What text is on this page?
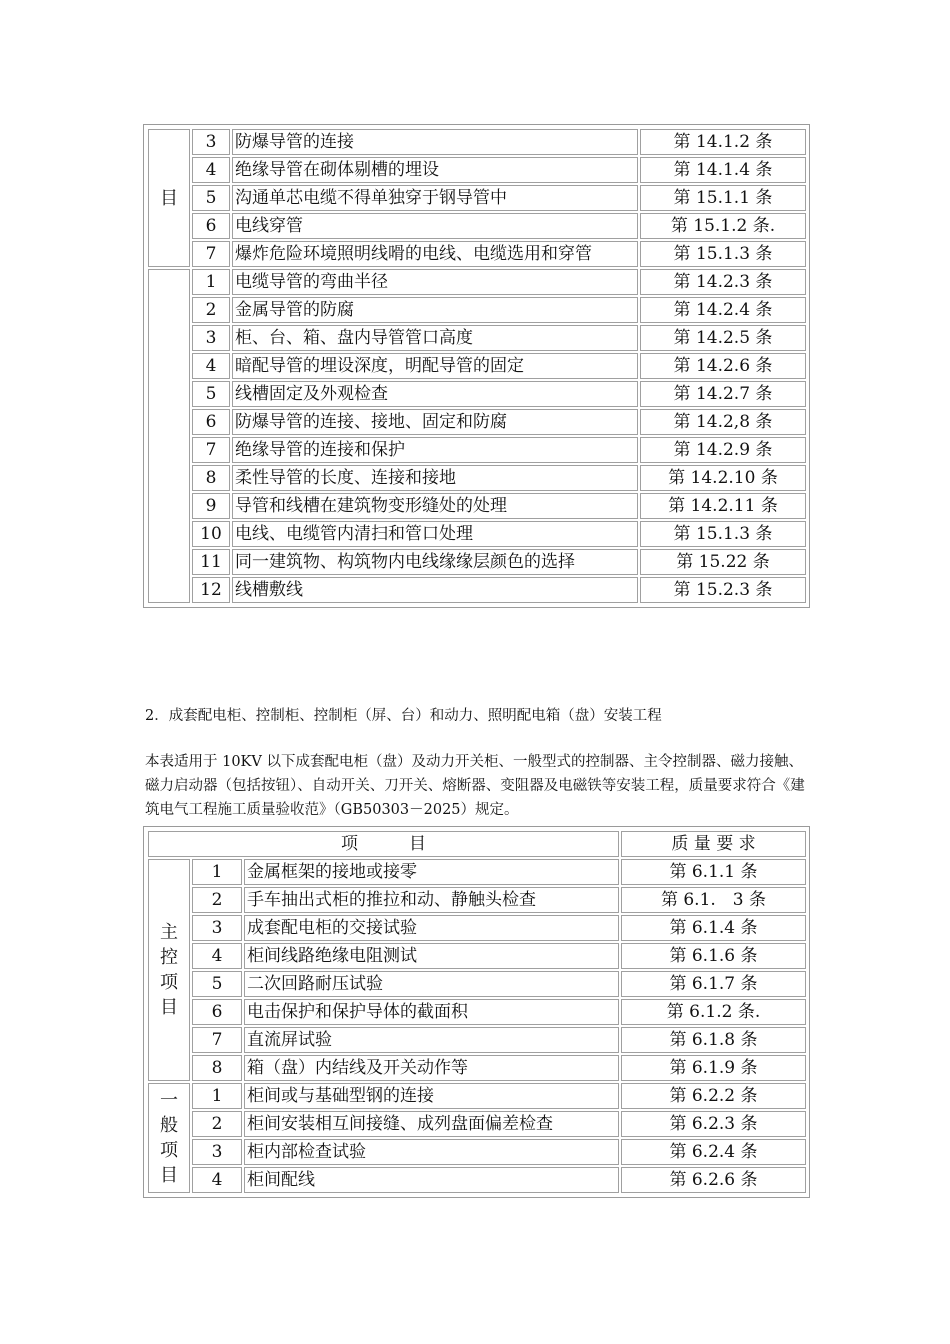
目	3	防爆导管的连接	第 14.1.2 条
	4	绝缘导管在砌体剔槽的埋设	第 14.1.4 条
	5	沟通单芯电缆不得单独穿于钢导管中	第 15.1.1 条
	6	电线穿管	第 15.1.2 条.
	7	爆炸危险环境照明线嗗的电线、电缆选用和穿管	第 15.1.3 条
	1	电缆导管的弯曲半径	第 14.2.3 条
	2	金属导管的防腐	第 14.2.4 条
	3	柜、台、箱、盘内导管管口高度	第 14.2.5 条
	4	暗配导管的埋设深度，明配导管的固定	第 14.2.6 条
	5	线槽固定及外观检查	第 14.2.7 条
	6	防爆导管的连接、接地、固定和防腐	第 14.2,8 条
	7	绝缘导管的连接和保护	第 14.2.9 条
	8	柔性导管的长度、连接和接地	第 14.2.10 条
	9	导管和线槽在建筑物变形缝处的处理	第 14.2.11 条
	10	电线、电缆管内清扫和管口处理	第 15.1.3 条
	11	同一建筑物、构筑物内电线缘缘层颜色的选择	第 15.22 条
	12	线槽敷线	第 15.2.3 条

2．成套配电柜、控制柜、控制柜（屏、台）和动力、照明配电箱（盘）安装工程

本表适用于 10KV 以下成套配电柜（盘）及动力开关柜、一般型式的控制器、主令控制器、磁力接触、磁力启动器（包括按钮）、自动开关、刀开关、熔断器、变阻器及电磁铁等安装工程，质量要求符合《建筑电气工程施工质量验收范》（GB50303－2025）规定。

项　　　目			质 量 要 求
主控项目	1	金属框架的接地或接零	第 6.1.1 条
	2	手车抽出式柜的推拉和动、静触头检查	第 6.1.　3 条
	3	成套配电柜的交接试验	第 6.1.4 条
	4	柜间线路绝缘电阻测试	第 6.1.6 条
	5	二次回路耐压试验	第 6.1.7 条
	6	电击保护和保护导体的截面积	第 6.1.2 条.
	7	直流屏试验	第 6.1.8 条
	8	箱（盘）内结线及开关动作等	第 6.1.9 条
一般项目	1	柜间或与基础型钢的连接	第 6.2.2 条
	2	柜间安装相互间接缝、成列盘面偏差检查	第 6.2.3 条
	3	柜内部检查试验	第 6.2.4 条
	4	柜间配线	第 6.2.6 条
